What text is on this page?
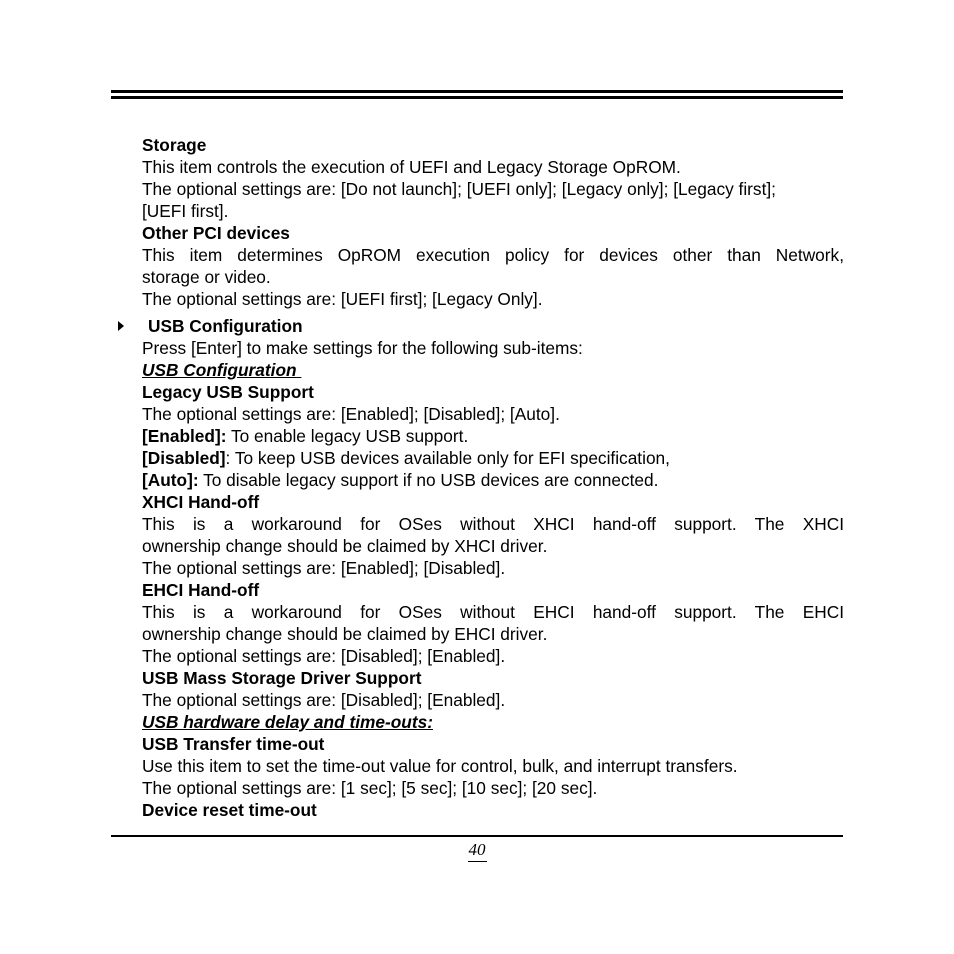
Storage
This item controls the execution of UEFI and Legacy Storage OpROM.
The optional settings are: [Do not launch]; [UEFI only]; [Legacy only]; [Legacy first];
[UEFI first].
Other PCI devices
This item determines OpROM execution policy for devices other than Network,
storage or video.
The optional settings are: [UEFI first]; [Legacy Only].
USB Configuration
Press [Enter] to make settings for the following sub-items:
USB Configuration
Legacy USB Support
The optional settings are: [Enabled]; [Disabled]; [Auto].
[Enabled]: To enable legacy USB support.
[Disabled]: To keep USB devices available only for EFI specification,
[Auto]: To disable legacy support if no USB devices are connected.
XHCI Hand-off
This is a workaround for OSes without XHCI hand-off support. The XHCI
ownership change should be claimed by XHCI driver.
The optional settings are: [Enabled]; [Disabled].
EHCI Hand-off
This is a workaround for OSes without EHCI hand-off support. The EHCI
ownership change should be claimed by EHCI driver.
The optional settings are: [Disabled]; [Enabled].
USB Mass Storage Driver Support
The optional settings are: [Disabled]; [Enabled].
USB hardware delay and time-outs:
USB Transfer time-out
Use this item to set the time-out value for control, bulk, and interrupt transfers.
The optional settings are: [1 sec]; [5 sec]; [10 sec]; [20 sec].
Device reset time-out
40
